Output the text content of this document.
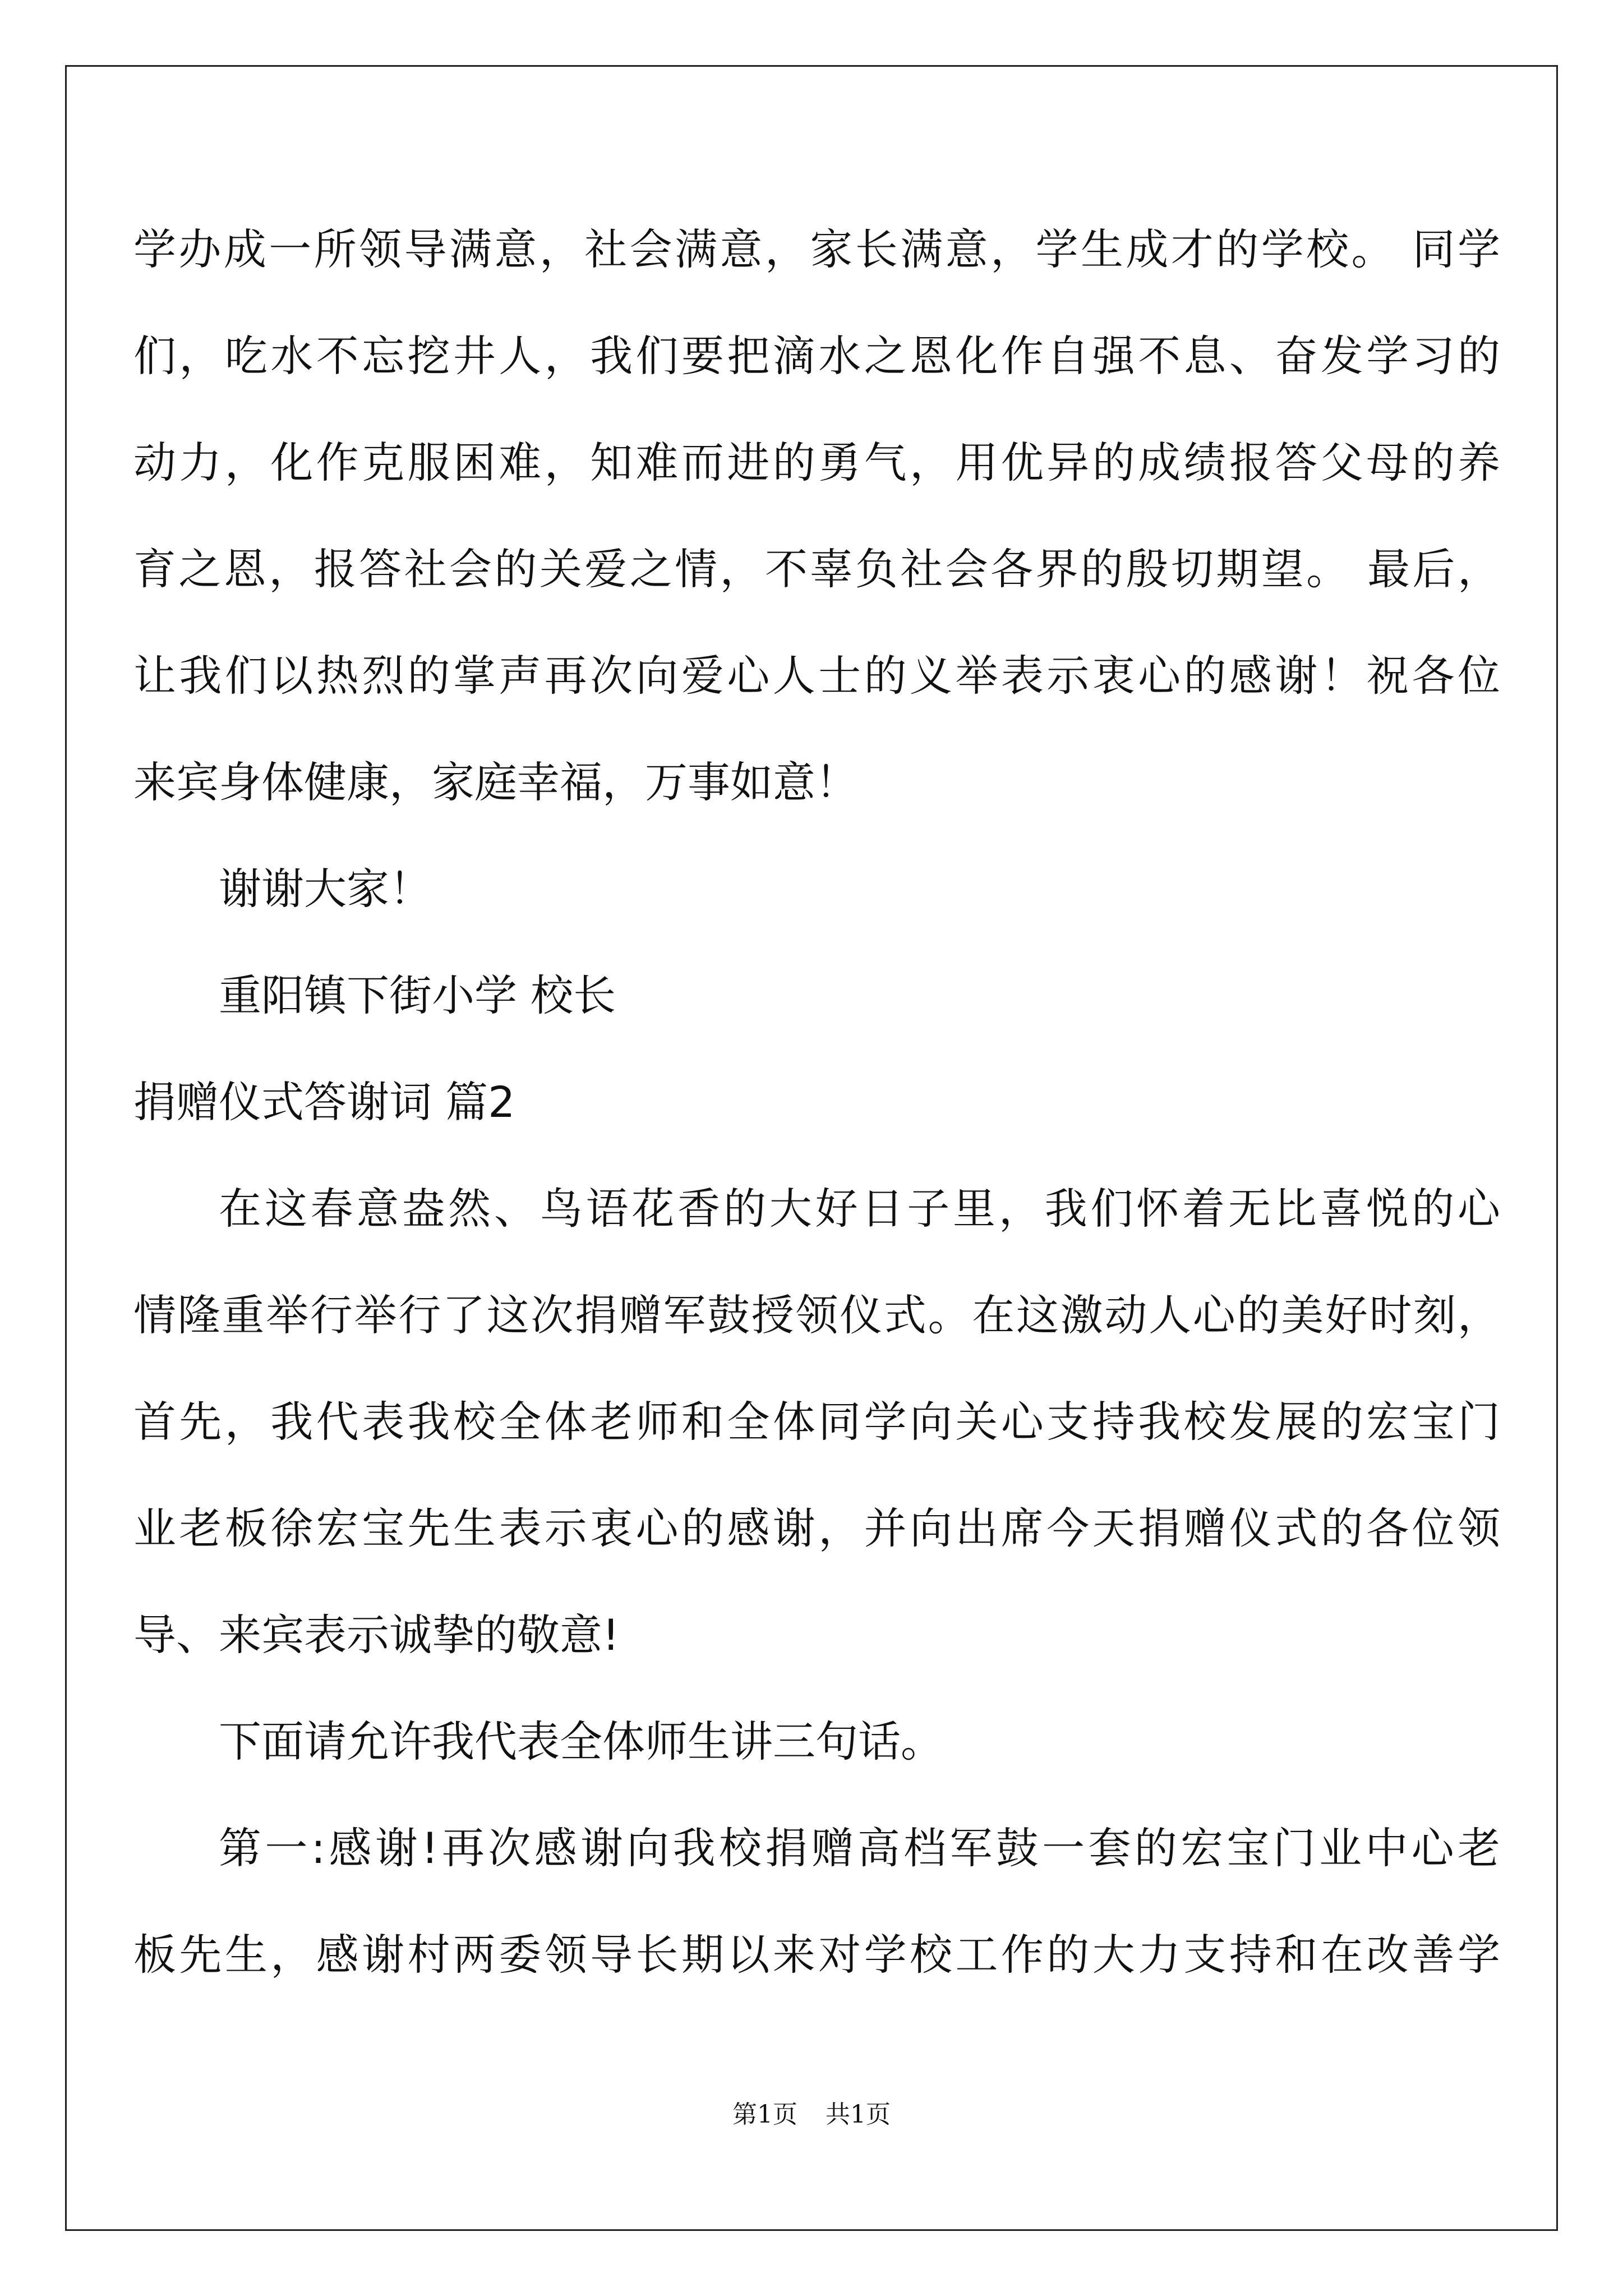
学办成一所领导满意，社会满意，家长满意，学生成才的学校。 同学
们，吃水不忘挖井人，我们要把滴水之恩化作自强不息、奋发学习的
动力，化作克服困难，知难而进的勇气，用优异的成绩报答父母的养
育之恩，报答社会的关爱之情，不辜负社会各界的殷切期望。 最后，
让我们以热烈的掌声再次向爱心人士的义举表示衷心的感谢！祝各位
来宾身体健康，家庭幸福，万事如意！
谢谢大家！
重阳镇下街小学 校长
捐赠仪式答谢词 篇2
在这春意盎然、鸟语花香的大好日子里，我们怀着无比喜悦的心
情隆重举行举行了这次捐赠军鼓授领仪式。在这激动人心的美好时刻，
首先，我代表我校全体老师和全体同学向关心支持我校发展的宏宝门
业老板徐宏宝先生表示衷心的感谢，并向出席今天捐赠仪式的各位领
导、来宾表示诚挚的敬意!
下面请允许我代表全体师生讲三句话。
第一:感谢!再次感谢向我校捐赠高档军鼓一套的宏宝门业中心老
板先生，感谢村两委领导长期以来对学校工作的大力支持和在改善学
第1页 共1页
